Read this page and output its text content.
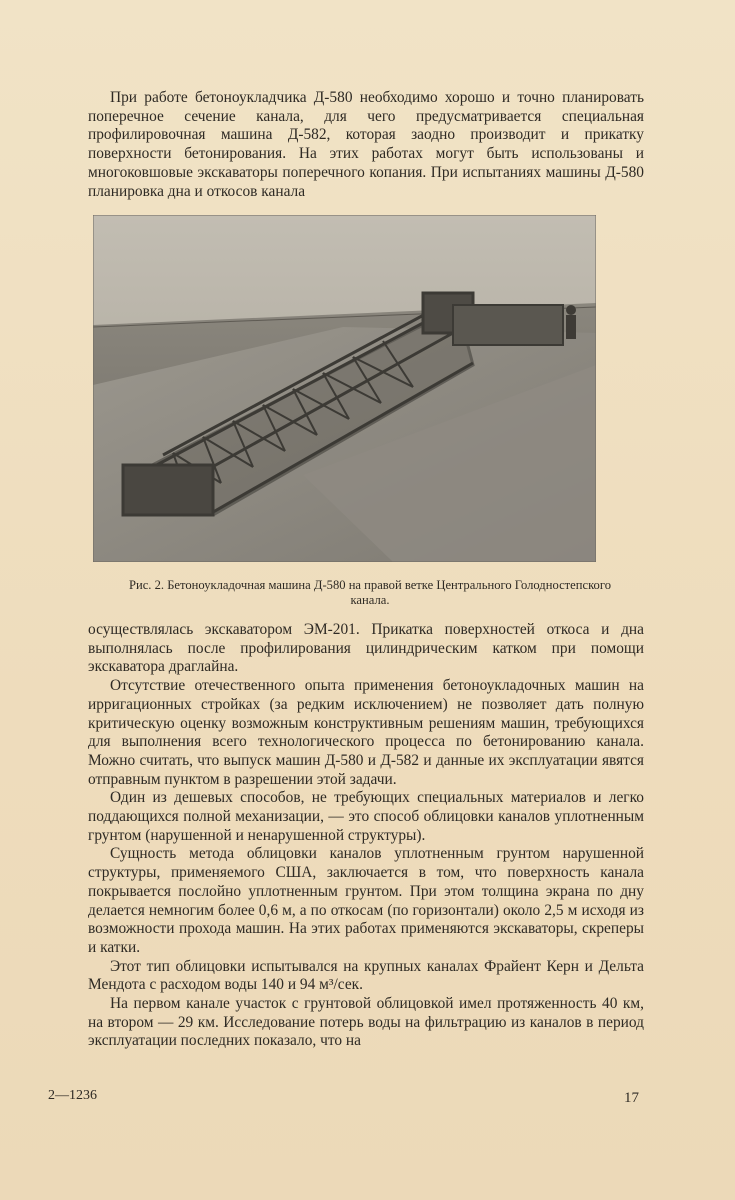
При работе бетоноукладчика Д-580 необходимо хорошо и точно планировать поперечное сечение канала, для чего предусматривается специальная профилировочная машина Д-582, которая заодно производит и прикатку поверхности бетонирования. На этих работах могут быть использованы и многоковшовые экскаваторы поперечного копания. При испытаниях машины Д-580 планировка дна и откосов канала

Рис. 2. Бетоноукладочная машина Д-580 на правой ветке Центрального Голодностепского канала.

осуществлялась экскаватором ЭМ-201. Прикатка поверхностей откоса и дна выполнялась после профилирования цилиндрическим катком при помощи экскаватора драглайна.

Отсутствие отечественного опыта применения бетоноукладочных машин на ирригационных стройках (за редким исключением) не позволяет дать полную критическую оценку возможным конструктивным решениям машин, требующихся для выполнения всего технологического процесса по бетонированию канала. Можно считать, что выпуск машин Д-580 и Д-582 и данные их эксплуатации явятся отправным пунктом в разрешении этой задачи.

Один из дешевых способов, не требующих специальных материалов и легко поддающихся полной механизации, — это способ облицовки каналов уплотненным грунтом (нарушенной и ненарушенной структуры).

Сущность метода облицовки каналов уплотненным грунтом нарушенной структуры, применяемого США, заключается в том, что поверхность канала покрывается послойно уплотненным грунтом. При этом толщина экрана по дну делается немногим более 0,6 м, а по откосам (по горизонтали) около 2,5 м исходя из возможности прохода машин. На этих работах применяются экскаваторы, скреперы и катки.

Этот тип облицовки испытывался на крупных каналах Фрайент Керн и Дельта Мендота с расходом воды 140 и 94 м³/сек.

На первом канале участок с грунтовой облицовкой имел протяженность 40 км, на втором — 29 км. Исследование потерь воды на фильтрацию из каналов в период эксплуатации последних показало, что на

2—1236	17
